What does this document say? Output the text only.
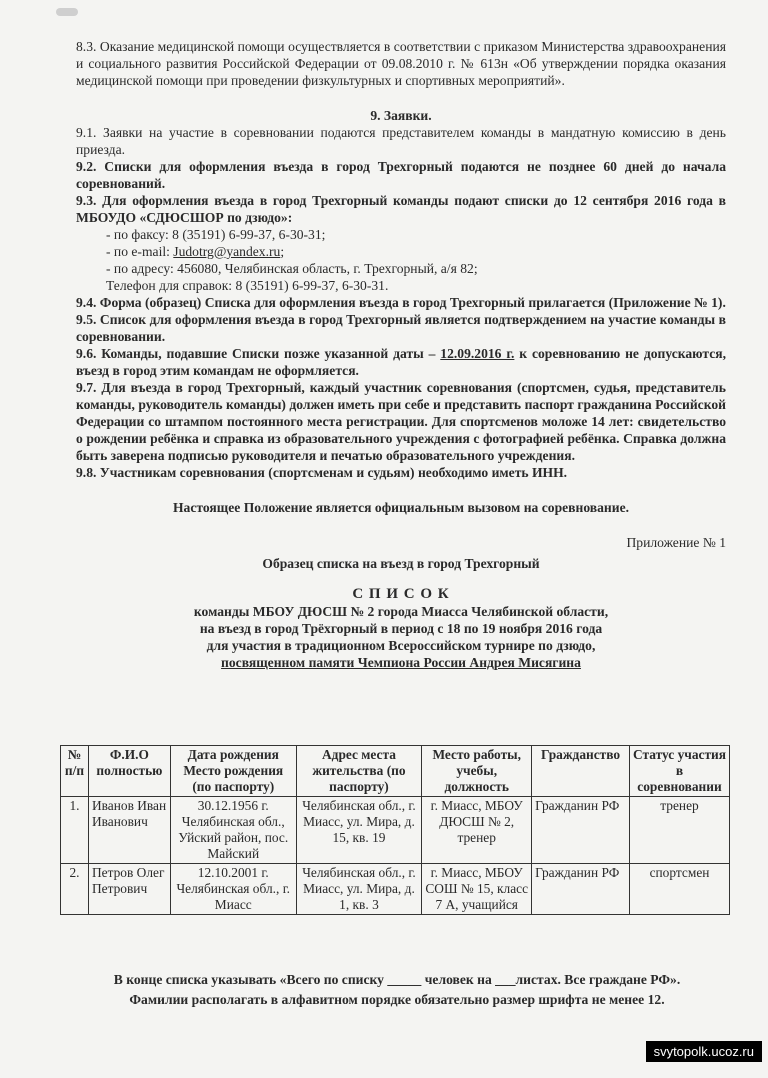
8.3. Оказание медицинской помощи осуществляется в соответствии с приказом Министерства здравоохранения и социального развития Российской Федерации от 09.08.2010 г. № 613н «Об утверждении порядка оказания медицинской помощи при проведении физкультурных и спортивных мероприятий».

9. Заявки.

9.1. Заявки на участие в соревновании подаются представителем команды в мандатную комиссию в день приезда.

9.2. Списки для оформления въезда в город Трехгорный подаются не позднее 60 дней до начала соревнований.

9.3. Для оформления въезда в город Трехгорный команды подают списки до 12 сентября 2016 года в МБОУДО «СДЮСШОР по дзюдо»:

- по факсу: 8 (35191) 6-99-37, 6-30-31;

- по e-mail: Judotrg@yandex.ru;

- по адресу: 456080, Челябинская область, г. Трехгорный, а/я 82;

Телефон для справок: 8 (35191) 6-99-37, 6-30-31.

9.4. Форма (образец) Списка для оформления въезда в город Трехгорный прилагается (Приложение № 1).

9.5. Список для оформления въезда в город Трехгорный является подтверждением на участие команды в соревновании.

9.6. Команды, подавшие Списки позже указанной даты – 12.09.2016 г. к соревнованию не допускаются, въезд в город этим командам не оформляется.

9.7. Для въезда в город Трехгорный, каждый участник соревнования (спортсмен, судья, представитель команды, руководитель команды) должен иметь при себе и представить паспорт гражданина Российской Федерации со штампом постоянного места регистрации. Для спортсменов моложе 14 лет: свидетельство о рождении ребёнка и справка из образовательного учреждения с фотографией ребёнка. Справка должна быть заверена подписью руководителя и печатью образовательного учреждения.

9.8. Участникам соревнования (спортсменам и судьям) необходимо иметь ИНН.

Настоящее Положение является официальным вызовом на соревнование.

Приложение № 1

Образец списка на въезд в город Трехгорный

С П И С О К

команды МБОУ ДЮСШ № 2 города Миасса Челябинской области,

на въезд в город Трёхгорный в период с 18 по 19 ноября 2016 года

для участия в традиционном Всероссийском турнире по дзюдо,

посвященном памяти Чемпиона России Андрея Мисягина

№ п/п	Ф.И.О полностью	Дата рождения Место рождения (по паспорту)	Адрес места жительства (по паспорту)	Место работы, учебы, должность	Гражданство	Статус участия в соревновании
1.	Иванов Иван Иванович	30.12.1956 г. Челябинская обл., Уйский район, пос. Майский	Челябинская обл., г. Миасс, ул. Мира, д. 15, кв. 19	г. Миасс, МБОУ ДЮСШ № 2, тренер	Гражданин РФ	тренер
2.	Петров Олег Петрович	12.10.2001 г. Челябинская обл., г. Миасс	Челябинская обл., г. Миасс, ул. Мира, д. 1, кв. 3	г. Миасс, МБОУ СОШ № 15, класс 7 А, учащийся	Гражданин РФ	спортсмен
В конце списка указывать «Всего по списку _____ человек на ___листах. Все граждане РФ».
Фамилии располагать в алфавитном порядке обязательно размер шрифта не менее 12.
svytopolk.ucoz.ru
